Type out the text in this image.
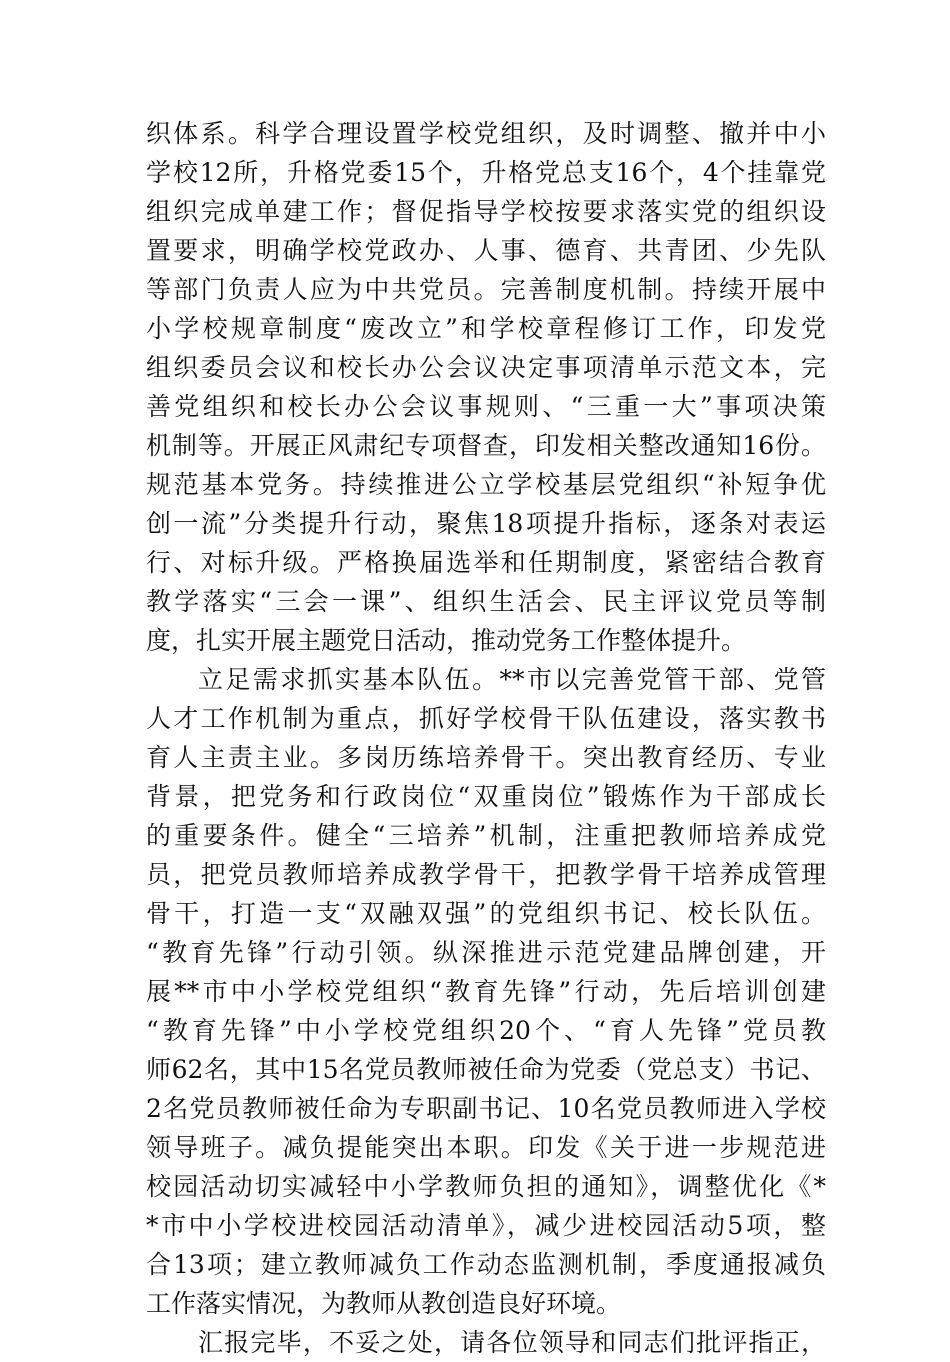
织体系。科学合理设置学校党组织，及时调整、撤并中小
学校12所，升格党委15个，升格党总支16个，4个挂靠党
组织完成单建工作；督促指导学校按要求落实党的组织设
置要求，明确学校党政办、人事、德育、共青团、少先队
等部门负责人应为中共党员。完善制度机制。持续开展中
小学校规章制度“废改立”和学校章程修订工作，印发党
组织委员会议和校长办公会议决定事项清单示范文本，完
善党组织和校长办公会议事规则、“三重一大”事项决策
机制等。开展正风肃纪专项督查，印发相关整改通知16份。
规范基本党务。持续推进公立学校基层党组织“补短争优
创一流”分类提升行动，聚焦18项提升指标，逐条对表运
行、对标升级。严格换届选举和任期制度，紧密结合教育
教学落实“三会一课”、组织生活会、民主评议党员等制
度，扎实开展主题党日活动，推动党务工作整体提升。
立足需求抓实基本队伍。**市以完善党管干部、党管
人才工作机制为重点，抓好学校骨干队伍建设，落实教书
育人主责主业。多岗历练培养骨干。突出教育经历、专业
背景，把党务和行政岗位“双重岗位”锻炼作为干部成长
的重要条件。健全“三培养”机制，注重把教师培养成党
员，把党员教师培养成教学骨干，把教学骨干培养成管理
骨干，打造一支“双融双强”的党组织书记、校长队伍。
“教育先锋”行动引领。纵深推进示范党建品牌创建，开
展**市中小学校党组织“教育先锋”行动，先后培训创建
“教育先锋”中小学校党组织20个、“育人先锋”党员教
师62名，其中15名党员教师被任命为党委（党总支）书记、
2名党员教师被任命为专职副书记、10名党员教师进入学校
领导班子。减负提能突出本职。印发《关于进一步规范进
校园活动切实减轻中小学教师负担的通知》，调整优化《*
*市中小学校进校园活动清单》，减少进校园活动5项，整
合13项；建立教师减负工作动态监测机制，季度通报减负
工作落实情况，为教师从教创造良好环境。
汇报完毕，不妥之处，请各位领导和同志们批评指正，
